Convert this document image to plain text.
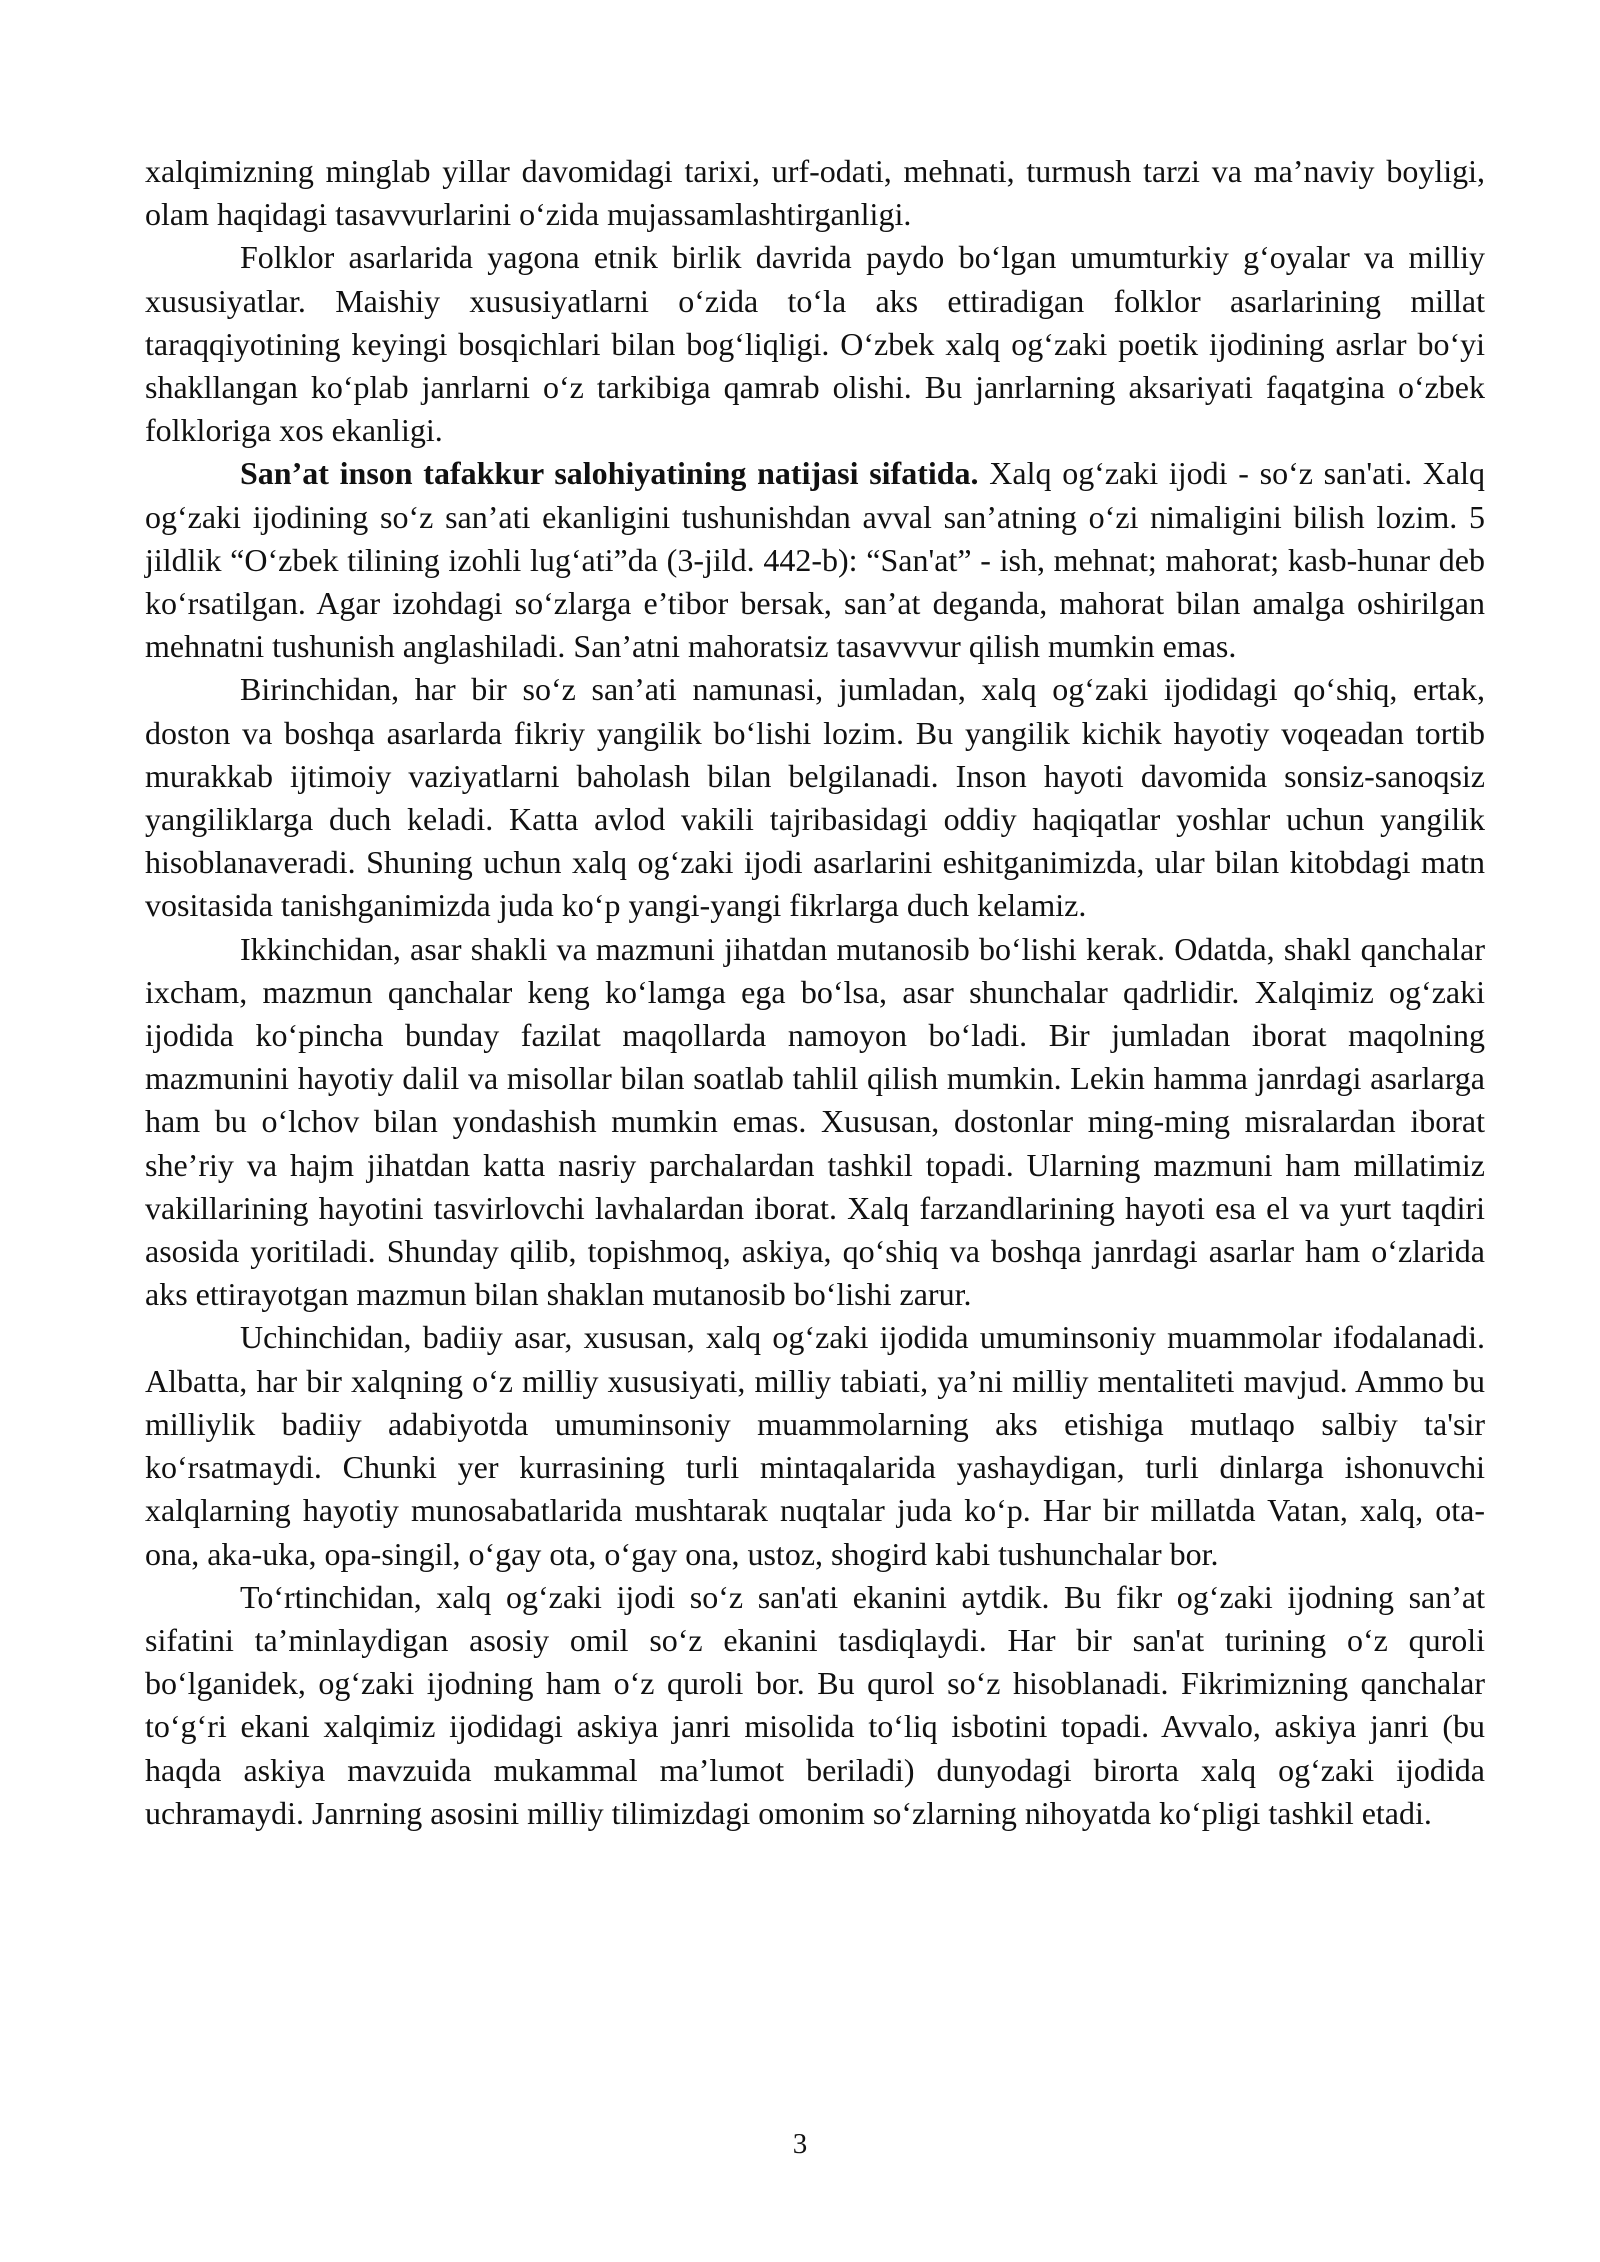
xalqimizning minglab yillar davomidagi tarixi, urf-odati, mehnati, turmush tarzi va ma’naviy boyligi, olam haqidagi tasavvurlarini o‘zida mujassamlashtirganligi.

Folklor asarlarida yagona etnik birlik davrida paydo bo‘lgan umumturkiy g‘oyalar va milliy xususiyatlar. Maishiy xususiyatlarni o‘zida to‘la aks ettiradigan folklor asarlarining millat taraqqiyotining keyingi bosqichlari bilan bog‘liqligi. O‘zbek xalq og‘zaki poetik ijodining asrlar bo‘yi shakllangan ko‘plab janrlarni o‘z tarkibiga qamrab olishi. Bu janrlarning aksariyati faqatgina o‘zbek folkloriga xos ekanligi.

San’at inson tafakkur salohiyatining natijasi sifatida. Xalq og‘zaki ijodi - so‘z san'ati. Xalq og‘zaki ijodining so‘z san’ati ekanligini tushunishdan avval san’atning o‘zi nimaligini bilish lozim. 5 jildlik “O‘zbek tilining izohli lug‘ati”da (3-jild. 442-b): “San'at” - ish, mehnat; mahorat; kasb-hunar deb ko‘rsatilgan. Agar izohdagi so‘zlarga e’tibor bersak, san’at deganda, mahorat bilan amalga oshirilgan mehnatni tushunish anglashiladi. San’atni mahoratsiz tasavvvur qilish mumkin emas.

Birinchidan, har bir so‘z san’ati namunasi, jumladan, xalq og‘zaki ijodidagi qo‘shiq, ertak, doston va boshqa asarlarda fikriy yangilik bo‘lishi lozim. Bu yangilik kichik hayotiy voqeadan tortib murakkab ijtimoiy vaziyatlarni baholash bilan belgilanadi. Inson hayoti davomida sonsiz-sanoqsiz yangiliklarga duch keladi. Katta avlod vakili tajribasidagi oddiy haqiqatlar yoshlar uchun yangilik hisoblanaveradi. Shuning uchun xalq og‘zaki ijodi asarlarini eshitganimizda, ular bilan kitobdagi matn vositasida tanishganimizda juda ko‘p yangi-yangi fikrlarga duch kelamiz.

Ikkinchidan, asar shakli va mazmuni jihatdan mutanosib bo‘lishi kerak. Odatda, shakl qanchalar ixcham, mazmun qanchalar keng ko‘lamga ega bo‘lsa, asar shunchalar qadrlidir. Xalqimiz og‘zaki ijodida ko‘pincha bunday fazilat maqollarda namoyon bo‘ladi. Bir jumladan iborat maqolning mazmunini hayotiy dalil va misollar bilan soatlab tahlil qilish mumkin. Lekin hamma janrdagi asarlarga ham bu o‘lchov bilan yondashish mumkin emas. Xususan, dostonlar ming-ming misralardan iborat she’riy va hajm jihatdan katta nasriy parchalardan tashkil topadi. Ularning mazmuni ham millatimiz vakillarining hayotini tasvirlovchi lavhalardan iborat. Xalq farzandlarining hayoti esa el va yurt taqdiri asosida yoritiladi. Shunday qilib, topishmoq, askiya, qo‘shiq va boshqa janrdagi asarlar ham o‘zlarida aks ettirayotgan mazmun bilan shaklan mutanosib bo‘lishi zarur.

Uchinchidan, badiiy asar, xususan, xalq og‘zaki ijodida umuminsoniy muammolar ifodalanadi. Albatta, har bir xalqning o‘z milliy xususiyati, milliy tabiati, ya’ni milliy mentaliteti mavjud. Ammo bu milliylik badiiy adabiyotda umuminsoniy muammolarning aks etishiga mutlaqo salbiy ta'sir ko‘rsatmaydi. Chunki yer kurrasining turli mintaqalarida yashaydigan, turli dinlarga ishonuvchi xalqlarning hayotiy munosabatlarida mushtarak nuqtalar juda ko‘p. Har bir millatda Vatan, xalq, ota-ona, aka-uka, opa-singil, o‘gay ota, o‘gay ona, ustoz, shogird kabi tushunchalar bor.

To‘rtinchidan, xalq og‘zaki ijodi so‘z san'ati ekanini aytdik. Bu fikr og‘zaki ijodning san’at sifatini ta’minlaydigan asosiy omil so‘z ekanini tasdiqlaydi. Har bir san'at turining o‘z quroli bo‘lganidek, og‘zaki ijodning ham o‘z quroli bor. Bu qurol so‘z hisoblanadi. Fikrimizning qanchalar to‘g‘ri ekani xalqimiz ijodidagi askiya janri misolida to‘liq isbotini topadi. Avvalo, askiya janri (bu haqda askiya mavzuida mukammal ma’lumot beriladi) dunyodagi birorta xalq og‘zaki ijodida uchramaydi. Janrning asosini milliy tilimizdagi omonim so‘zlarning nihoyatda ko‘pligi tashkil etadi.

3
